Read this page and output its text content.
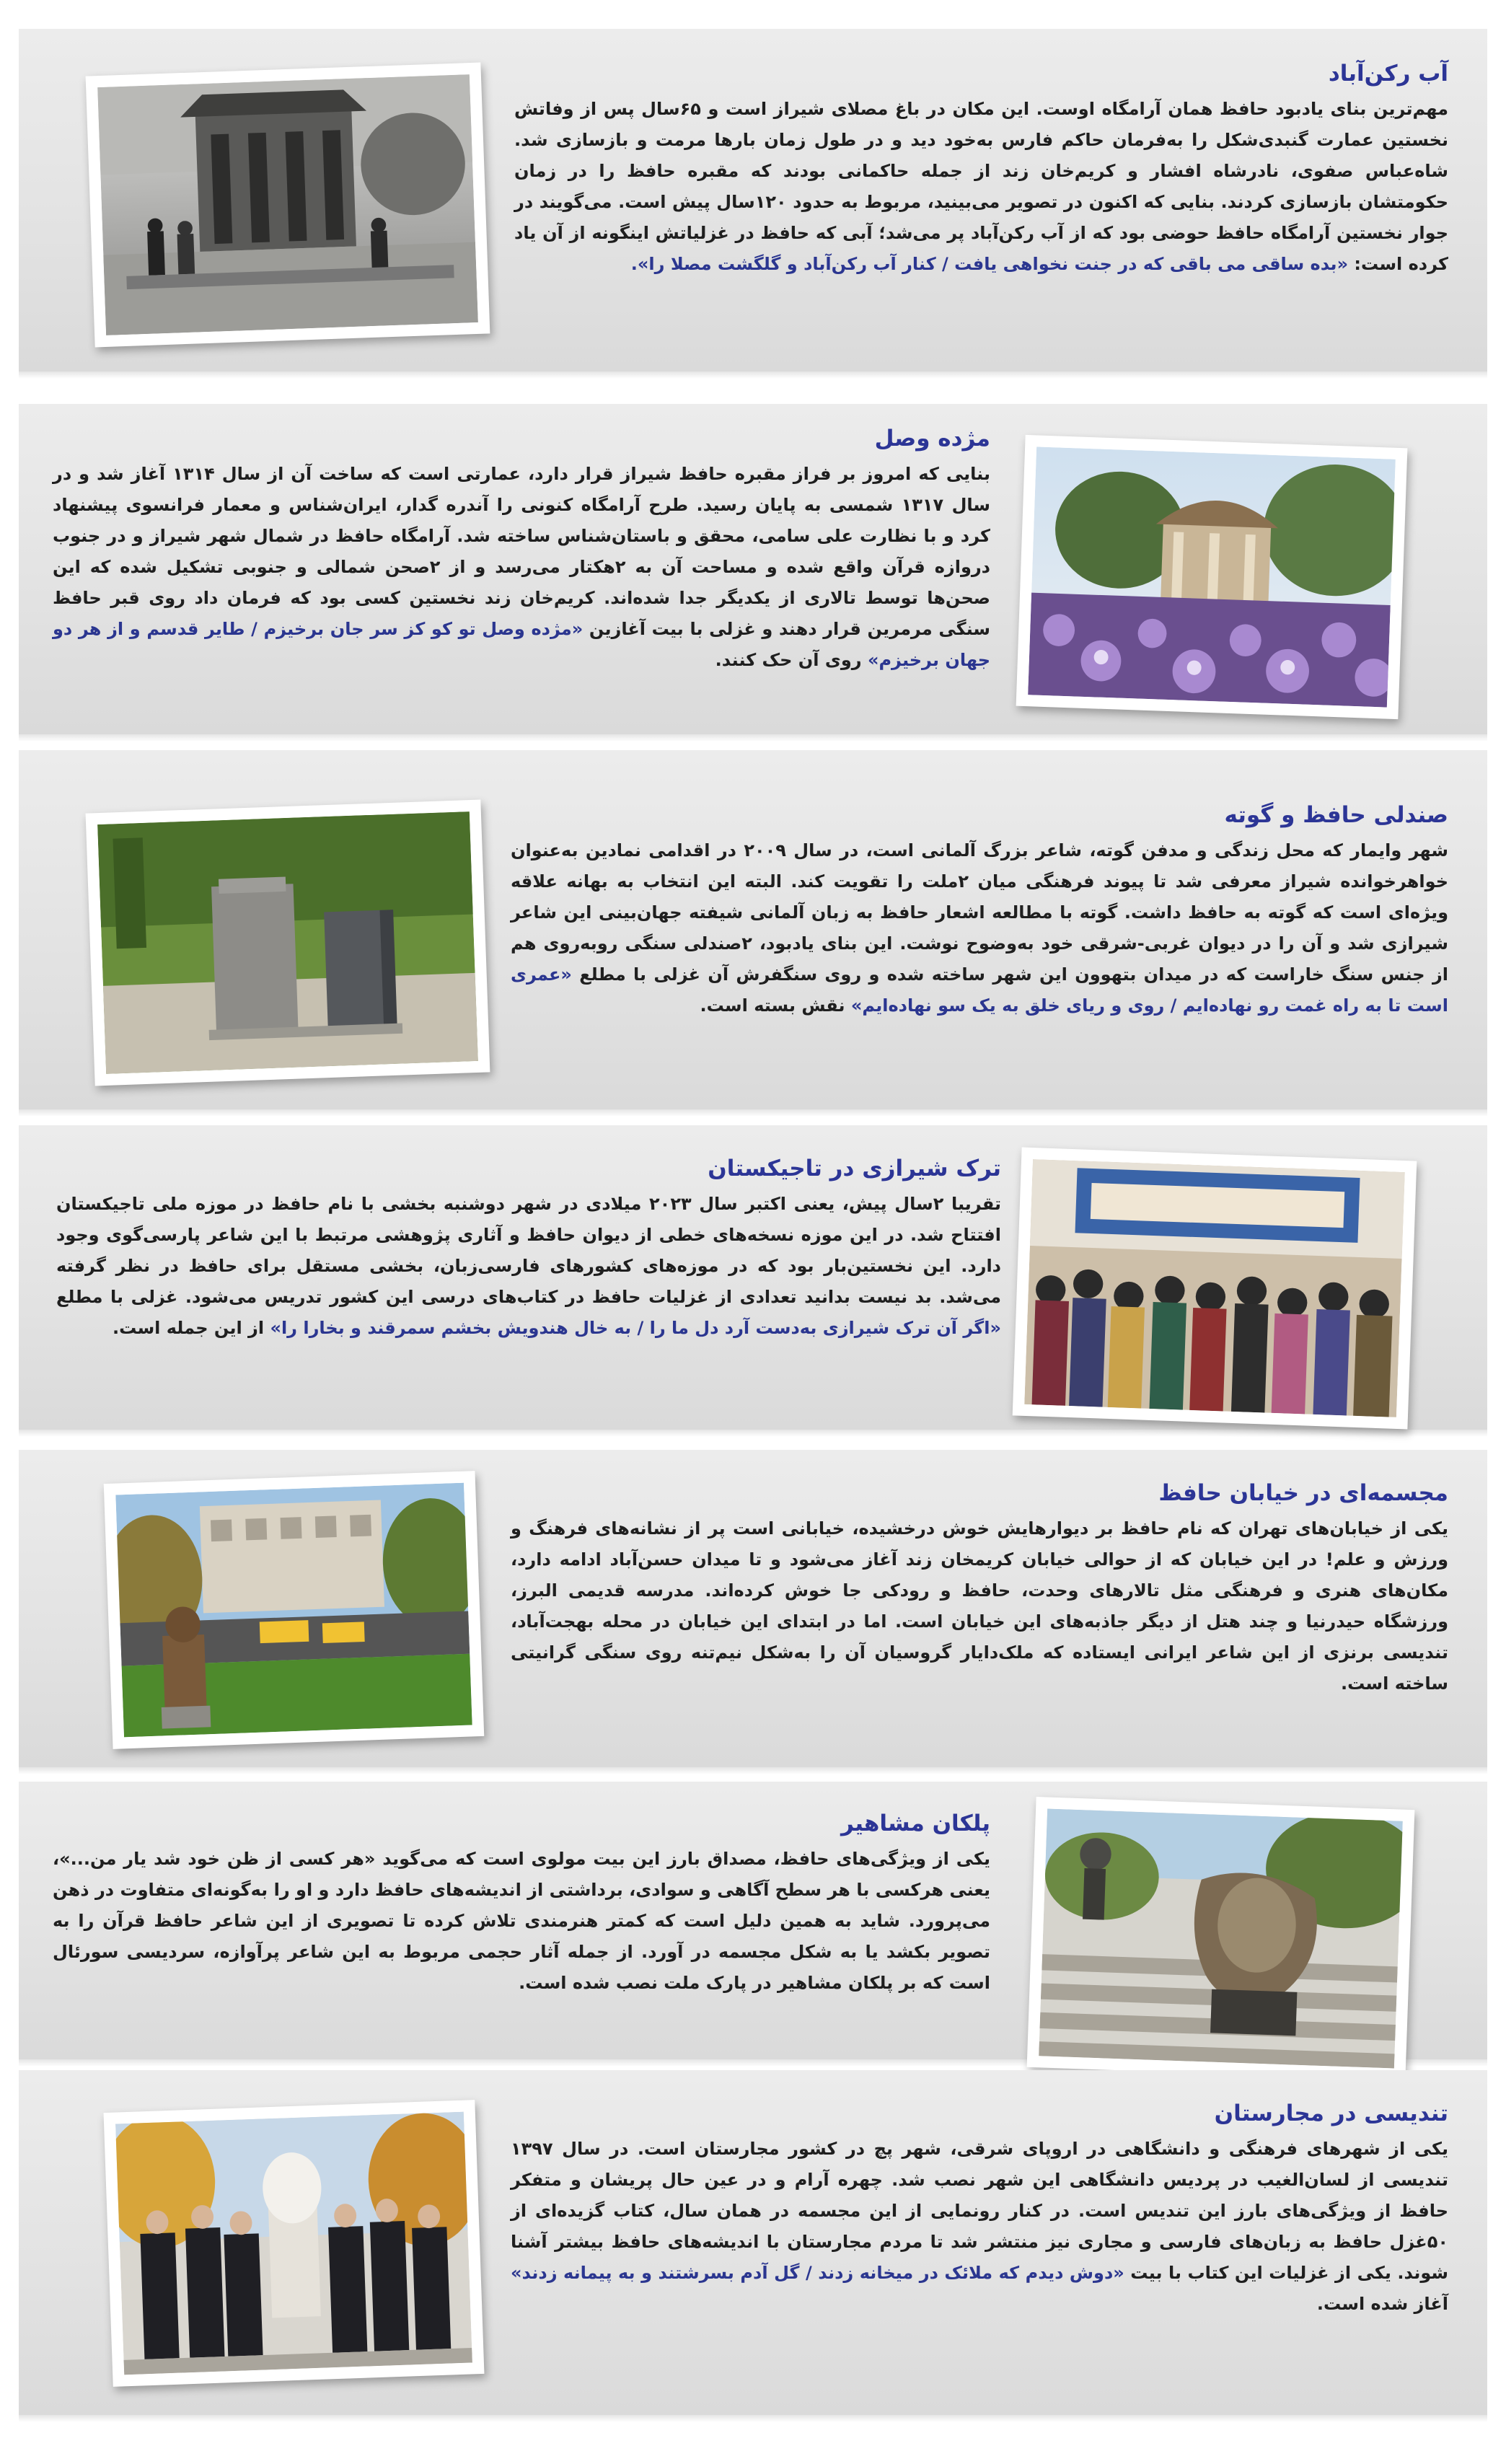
آب رکن‌آباد

مهم‌ترین بنای یادبود حافظ همان آرامگاه اوست. این مکان در باغ مصلای شیراز است و ۶۵سال پس از وفاتش نخستین عمارت گنبدی‌شکل را به‌فرمان حاکم فارس به‌خود دید و در طول زمان بارها مرمت و بازسازی شد. شاه‌عباس صفوی، نادرشاه افشار و کریم‌خان زند از جمله حاکمانی بودند که مقبره حافظ را در زمان حکومتشان بازسازی کردند. بنایی که اکنون در تصویر می‌بینید، مربوط به حدود ۱۲۰سال پیش است. می‌گویند در جوار نخستین آرامگاه حافظ حوضی بود که از آب رکن‌آباد پر می‌شد؛ آبی که حافظ در غزلیاتش اینگونه از آن یاد کرده است: «بده ساقی می باقی که در جنت نخواهی یافت / کنار آب رکن‌آباد و گلگشت مصلا را».

مژده وصل

بنایی که امروز بر فراز مقبره حافظ شیراز قرار دارد، عمارتی است که ساخت آن از سال ۱۳۱۴ آغاز شد و در سال ۱۳۱۷ شمسی به پایان رسید. طرح آرامگاه کنونی را آندره گدار، ایران‌شناس و معمار فرانسوی پیشنهاد کرد و با نظارت علی سامی، محقق و باستان‌شناس ساخته شد. آرامگاه حافظ در شمال شهر شیراز و در جنوب دروازه قرآن واقع شده و مساحت آن به ۲هکتار می‌رسد و از ۲صحن شمالی و جنوبی تشکیل شده که این صحن‌ها توسط تالاری از یکدیگر جدا شده‌اند. کریم‌خان زند نخستین کسی بود که فرمان داد روی قبر حافظ سنگی مرمرین قرار دهند و غزلی با بیت آغازین «مژده وصل تو کو کز سر جان برخیزم / طایر قدسم و از هر دو جهان برخیزم» روی آن حک کنند.

صندلی حافظ و گوته

شهر وایمار که محل زندگی و مدفن گوته، شاعر بزرگ آلمانی است، در سال ۲۰۰۹ در اقدامی نمادین به‌عنوان خواهرخوانده شیراز معرفی شد تا پیوند فرهنگی میان ۲ملت را تقویت کند. البته این انتخاب به بهانه علاقه ویژه‌ای است که گوته به حافظ داشت. گوته با مطالعه اشعار حافظ به زبان آلمانی شیفته جهان‌بینی این شاعر شیرازی شد و آن را در دیوان غربی-شرقی خود به‌وضوح نوشت. این بنای یادبود، ۲صندلی سنگی روبه‌روی هم از جنس سنگ خاراست که در میدان بتهوون این شهر ساخته شده و روی سنگفرش آن غزلی با مطلع «عمری است تا به راه غمت رو نهاده‌ایم / روی و ریای خلق به یک سو نهاده‌ایم» نقش بسته است.

ترک شیرازی در تاجیکستان

تقریبا ۲سال پیش، یعنی اکتبر سال ۲۰۲۳ میلادی در شهر دوشنبه بخشی با نام حافظ در موزه ملی تاجیکستان افتتاح شد. در این موزه نسخه‌های خطی از دیوان حافظ و آثاری پژوهشی مرتبط با این شاعر پارسی‌گوی وجود دارد. این نخستین‌بار بود که در موزه‌های کشورهای فارسی‌زبان، بخشی مستقل برای حافظ در نظر گرفته می‌شد. بد نیست بدانید تعدادی از غزلیات حافظ در کتاب‌های درسی این کشور تدریس می‌شود. غزلی با مطلع «اگر آن ترک شیرازی به‌دست آرد دل ما را / به خال هندویش بخشم سمرقند و بخارا را» از این جمله است.

مجسمه‌ای در خیابان حافظ

یکی از خیابان‌های تهران که نام حافظ بر دیوارهایش خوش درخشیده، خیابانی است پر از نشانه‌های فرهنگ و ورزش و علم! در این خیابان که از حوالی خیابان کریمخان زند آغاز می‌شود و تا میدان حسن‌آباد ادامه دارد، مکان‌های هنری و فرهنگی مثل تالار‌های وحدت، حافظ و رودکی جا خوش کرده‌اند. مدرسه قدیمی البرز، ورزشگاه حیدرنیا و چند هتل از دیگر جاذبه‌های این خیابان است. اما در ابتدای این خیابان در محله بهجت‌آباد، تندیسی برنزی از این شاعر ایرانی ایستاده که ملک‌دایار گروسیان آن را به‌شکل نیم‌تنه روی سنگی گرانیتی ساخته است.

پلکان مشاهیر

یکی از ویژگی‌های حافظ، مصداق بارز این بیت مولوی است که می‌گوید «هر کسی از ظن خود شد یار من...»، یعنی هرکسی با هر سطح آگاهی و سوادی، برداشتی از اندیشه‌های حافظ دارد و او را به‌گونه‌ای متفاوت در ذهن می‌پرورد. شاید به همین دلیل است که کمتر هنرمندی تلاش کرده تا تصویری از این شاعر حافظ قرآن را به تصویر بکشد یا به شکل مجسمه در آورد. از جمله آثار حجمی مربوط به این شاعر پرآوازه، سردیسی سورئال است که بر پلکان مشاهیر در پارک ملت نصب شده است.

تندیسی در مجارستان

یکی از شهرهای فرهنگی و دانشگاهی در اروپای شرقی، شهر پچ در کشور مجارستان است. در سال ۱۳۹۷ تندیسی از لسان‌الغیب در پردیس دانشگاهی این شهر نصب شد. چهره آرام و در عین حال پریشان و متفکر حافظ از ویژگی‌های بارز این تندیس است. در کنار رونمایی از این مجسمه در همان سال، کتاب گزیده‌ای از ۵۰غزل حافظ به زبان‌های فارسی و مجاری نیز منتشر شد تا مردم مجارستان با اندیشه‌های حافظ بیشتر آشنا شوند. یکی از غزلیات این کتاب با بیت «دوش دیدم که ملائک در میخانه زدند / گل آدم بسرشتند و به پیمانه زدند» آغاز شده است.
